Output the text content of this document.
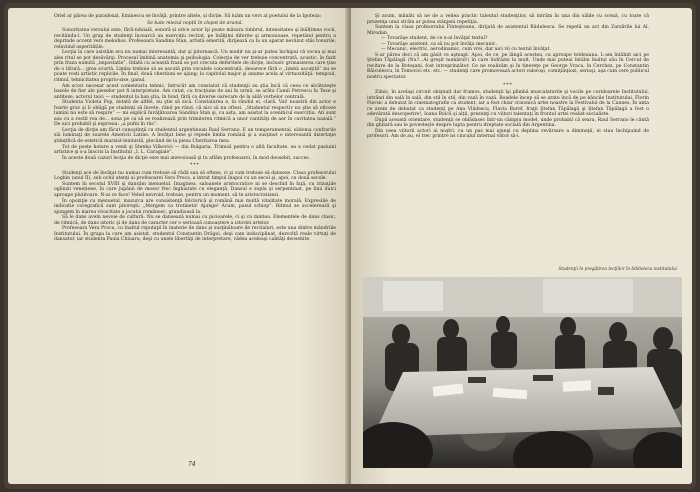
Oriel ar părea de paradoxal, Eminescu se învăţă, printre altele, și dicție. Să luăm un vers al poetului de la Ipoteza:

Se bate miezul nopții în clopot de aramă.

Sonoritatea versului este, fără-ndoială, sonoră și orice actor îşi poate măsura timbrul, intensitatea şi înălțimea vocii, recitându-l. Un grup de studenţi încearcă un exerciţiu recitat, pe înălţimi diferite şi armonioase, repetând pentru a deprinde accent vers melodios. Profesoara Sandina Stan, artistă emerită, dirijează ca la un aparat nevăzut stăs tonurile, reînviind asperitățile.

Lecţia la care asistăm era nu numai interesantă, dar şi pitorească. Un modir nu şi-ar putea închipui că vocea şi mai ales ritul se pot desăvârşi. Procesul îmbină anatomia şi psihologia. Colecţia de ver trebuie concentrată, acustic, în fazit prin fraza numită „impostatie”. Odată cu această frază se pot crecuta deferitele de dicţie, inclusiv grimasierea care ţine de o lătură... grea scurtă. Limba trebuie să se ascută prin vocalele concentrată, deoarece fără o „limbă ascuţită” nu se poate rosti artistic replicile. În final, două chestiuni se ajung: la capitolul major şi anume acela al virtuozităţii: tempoul, ritmul, tehnicitatea proprio-zise, ganul.

Am scoci necesar acest comentariu tehnic, întrucât am constatat că studenţii au ştia încă că ceea ce alcătuieşte bazele de fier ale pieselor pot fi interpretate. Am cutat, cu tracţiune de ani în urmă, se arăta Camil Petrescu în Teze şi antiteze, actorul taici — studentul la ban ştia, în fond, fără ca diverse oarecare de la alilă vorbelor centrală.

Studenta Violeta Pop, dotată de altfel, nu ştie să zică. Constatarea e, în rândul ei, clară. Vai! noastră din actor e foarte grav şi îi obligă pe studenţi să învete, rând pe rând, că nici să nu oftezi. „Studentul respectiv nu ştie să oficeze lumini nu este să respire” — mi explică învăţătoarea Sandina Stan şi, cu asta, am asistat la sceniticul exercițiu. Ati sunt asa cu a rostit rea de... sona pe ca să se realizează prin trimiterea ritmică a unor cantităţi de aer în cavitatea nazală.” De aici probabil şi expresia: „a pufni în râs”.

Lecţia de dicţie am făcut cunoştinţă cu studentul argentinean Raul Serrano. E un temperamental, sădoma confrarile săi luminaţi de soarele Americii Latine. A învăţat bine şi repede limba română şi a susţinut o interesantă dizertaţie ştiinţifică de estetică marxist-leninistă, plecând de la piesa Cheritarea mea.

Tot de peste hotare a venit şi Stenka Vilkovici — din Bulgaria. Trimisă pentru o altă facultate, ea a cedat pasiunii artistice şi s-a înscris la Institutul „I. L. Caragiale”.

În aceste două cazuri lecţia de dicţie este mai anevoioasă şi tu aflăm profesoarei, în mod deosebit, succes.

***

Studenţi ace de învăţat nu numai cum trebuie să râdă sau să ofteze, ci şi cum trebuie să danseze. Clasa profesorului Loghin (anul II), sub ochii atenţi ai profesoarei Vera Proca, a intrat timpul înapoi cu un secol şi, apoi, cu două secole.

Suntem în secolul XVIII şi dansăm menuetul. Imaginea, saloanele aristocratice ni se deschid în faţă, cu irizaţiile oglinzii venețiene, în care jupânii de mosor frec înghiatate cu eleganţă. Dansul e suplu şi serpentinat, pe linii dulci aproape plutitoare. N-ai ce face! Veled nevroid, trebuie, pentru un moment, să te aristocratizezi.

În opoziţie cu menuetul, mazurca are consistenţă folclorică şi română mai multă vitalitate morală. Expresiile de indicatie coregrafică sunt pitoreşti: „Mergem ca trotineta! Ajunge! Acum, pasul schiop”. Ritmul se accelerează şi ajungem în marea vivacitate a jocului românesc, grandioasă la.

Să le dans avem nevoie de cultură. Nu se dansează numai cu picioarele, ci şi cu mintea. Elementele de dans clasic, de ritmică, de dans istoric şi de dans de caracter cer o serioasă cunoaștere a istoriei artelor.

Profesoara Vera Proca, cu înaltul reputaţii în materie de dans şi susţinătoare de recitaluri, este una dintre mândriile Institutului. În grupa la care am asistat, studentul Constantin Drăgoi, deşi cam indisciplinat, dezvoltă reale virtuţi de dansator, iar studenta Paula Chiuaru, deşi cu unele libertăţi de interpretare, vădea aceleaşi calităţi deosebite.

74

Şi acum, mănăti să ne de a vedea practic talentul studenţilor, să intrăm în una din sălile cu scenă, cu toate că prezenţa unui străin ar putea stânjeni repetiţia.

Suntem la clasa profesorului Finteşteanu, dirijată de asistentul Rădulescu. Se repetă un act din Zarzările lui Al. Mirodan.

— Tovarăşe student, de ce n-ai învăţat textul?

— Tovarăşe asistent, ca să nu pot învăţa mecanic.

— Mecanic, electric, aerodinamic, cum vrei, dar aici vii cu textul învăţat.

S-ar părea deci că am găsit ce aşteapt. Apoi, de ce, pe lângă acestea, ca aproape totdeauna. L-am întâlnit aici pe Ştefan Tăpălagă (Nu?...Ai greşit numărul!) în care îndrăzni la mult. Unde mai puteai întâlni înaltul său în Cercul de recitare de la Botoşani, fost intreprinzător. Ce ne realizăm şi în tinereţe pe George Vraca, în Cerchez, pe Constantin Bâiculescu, în Tomovici etc. etc. — studenţi care promovează actori valoroşi, comiţiinţiozi, serioşi, aşa cum cere publicul nostru spectator.

***

Zilnic, în acelaşi circuit obişnuit dar frumos, studenţii îşi plimbă muscalaturile şi vocile pe coridoarele Institutului, intrând din sală în sală, din stil în stil, din vază în vază. Roadele încep să se arate încă de pe băncile Institutului. Florin Piersic a debutat în cinematografie ca student, iar a fost chiar craionică artei noastre la Festivalul de la Cannes. În anta ce avem de debutat ca studenţi pe Ana Vlădescu, Flavia Buref, fraţii Ştefan Tăpălagă şi Ştefan Tăpălagă a fost o adevărată descoperire!, Ioana Bulcă şi alţii, prezenţi cu viitori talentaţi în frontul artei realist-socialiste.

După această orientare, studenţii se oblădasec într-un câmpiu model, unde probabil că seara, Raul Serrano le cântă din ghitară sau le povesteşte despre lupta pentru dreptate socială din Argentina.

Din ceea viitorii actori ai noştri, cu un pas mai ajunşi cu deplina revărsare a dimineţii, ei stau închipuind de profesori. Am de au, el trec printre ns cinculul internal viitor să-i.

Studenţii în pregătirea lecţiilor în biblioteca institutului
